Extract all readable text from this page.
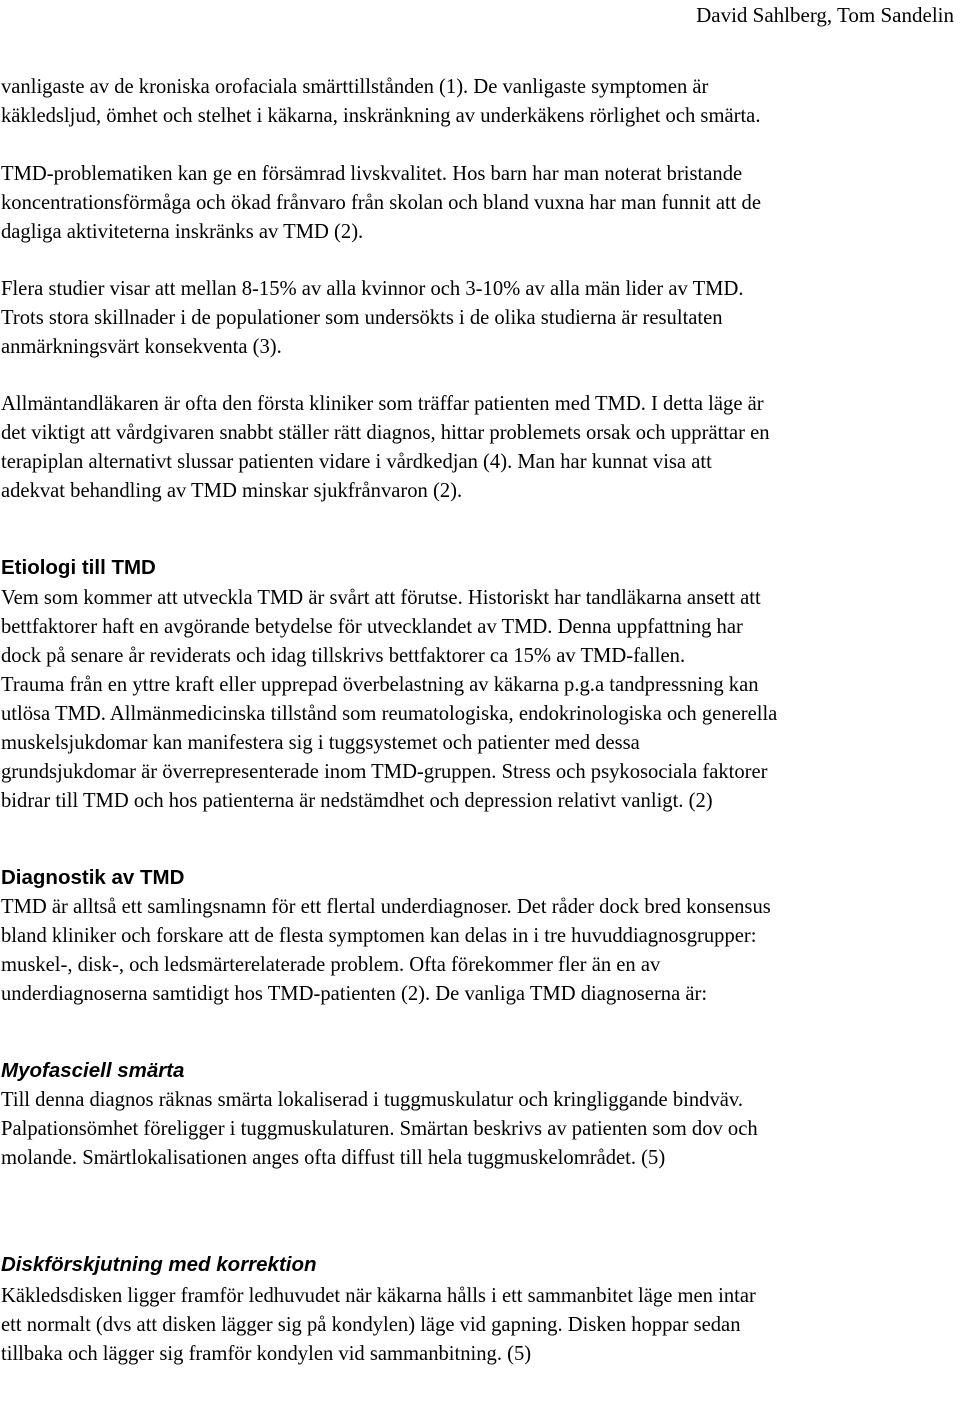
David Sahlberg, Tom Sandelin

vanligaste av de kroniska orofaciala smärttillstånden (1). De vanligaste symptomen är
käkledsljud, ömhet och stelhet i käkarna, inskränkning av underkäkens rörlighet och smärta.

TMD-problematiken kan ge en försämrad livskvalitet. Hos barn har man noterat bristande
koncentrationsförmåga och ökad frånvaro från skolan och bland vuxna har man funnit att de
dagliga aktiviteterna inskränks av TMD (2).

Flera studier visar att mellan 8-15% av alla kvinnor och 3-10% av alla män lider av TMD.
Trots stora skillnader i de populationer som undersökts i de olika studierna är resultaten
anmärkningsvärt konsekventa (3).

Allmäntandläkaren är ofta den första kliniker som träffar patienten med TMD. I detta läge är
det viktigt att vårdgivaren snabbt ställer rätt diagnos, hittar problemets orsak och upprättar en
terapiplan alternativt slussar patienten vidare i vårdkedjan (4). Man har kunnat visa att
adekvat behandling av TMD minskar sjukfrånvaron (2).

Etiologi till TMD

Vem som kommer att utveckla TMD är svårt att förutse. Historiskt har tandläkarna ansett att
bettfaktorer haft en avgörande betydelse för utvecklandet av TMD. Denna uppfattning har
dock på senare år reviderats och idag tillskrivs bettfaktorer ca 15% av TMD-fallen.
Trauma från en yttre kraft eller upprepad överbelastning av käkarna p.g.a tandpressning kan
utlösa TMD. Allmänmedicinska tillstånd som reumatologiska, endokrinologiska och generella
muskelsjukdomar kan manifestera sig i tuggsystemet och patienter med dessa
grundsjukdomar är överrepresenterade inom TMD-gruppen. Stress och psykosociala faktorer
bidrar till TMD och hos patienterna är nedstämdhet och depression relativt vanligt. (2)

Diagnostik av TMD

TMD är alltså ett samlingsnamn för ett flertal underdiagnoser. Det råder dock bred konsensus
bland kliniker och forskare att de flesta symptomen kan delas in i tre huvuddiagnosgrupper:
muskel-, disk-, och ledsmärterelaterade problem. Ofta förekommer fler än en av
underdiagnoserna samtidigt hos TMD-patienten (2). De vanliga TMD diagnoserna är:

Myofasciell smärta

Till denna diagnos räknas smärta lokaliserad i tuggmuskulatur och kringliggande bindväv.
Palpationsömhet föreligger i tuggmuskulaturen. Smärtan beskrivs av patienten som dov och
molande. Smärtlokalisationen anges ofta diffust till hela tuggmuskelområdet. (5)

Diskförskjutning med korrektion

Käkledsdisken ligger framför ledhuvudet när käkarna hålls i ett sammanbitet läge men intar
ett normalt (dvs att disken lägger sig på kondylen) läge vid gapning. Disken hoppar sedan
tillbaka och lägger sig framför kondylen vid sammanbitning. (5)
